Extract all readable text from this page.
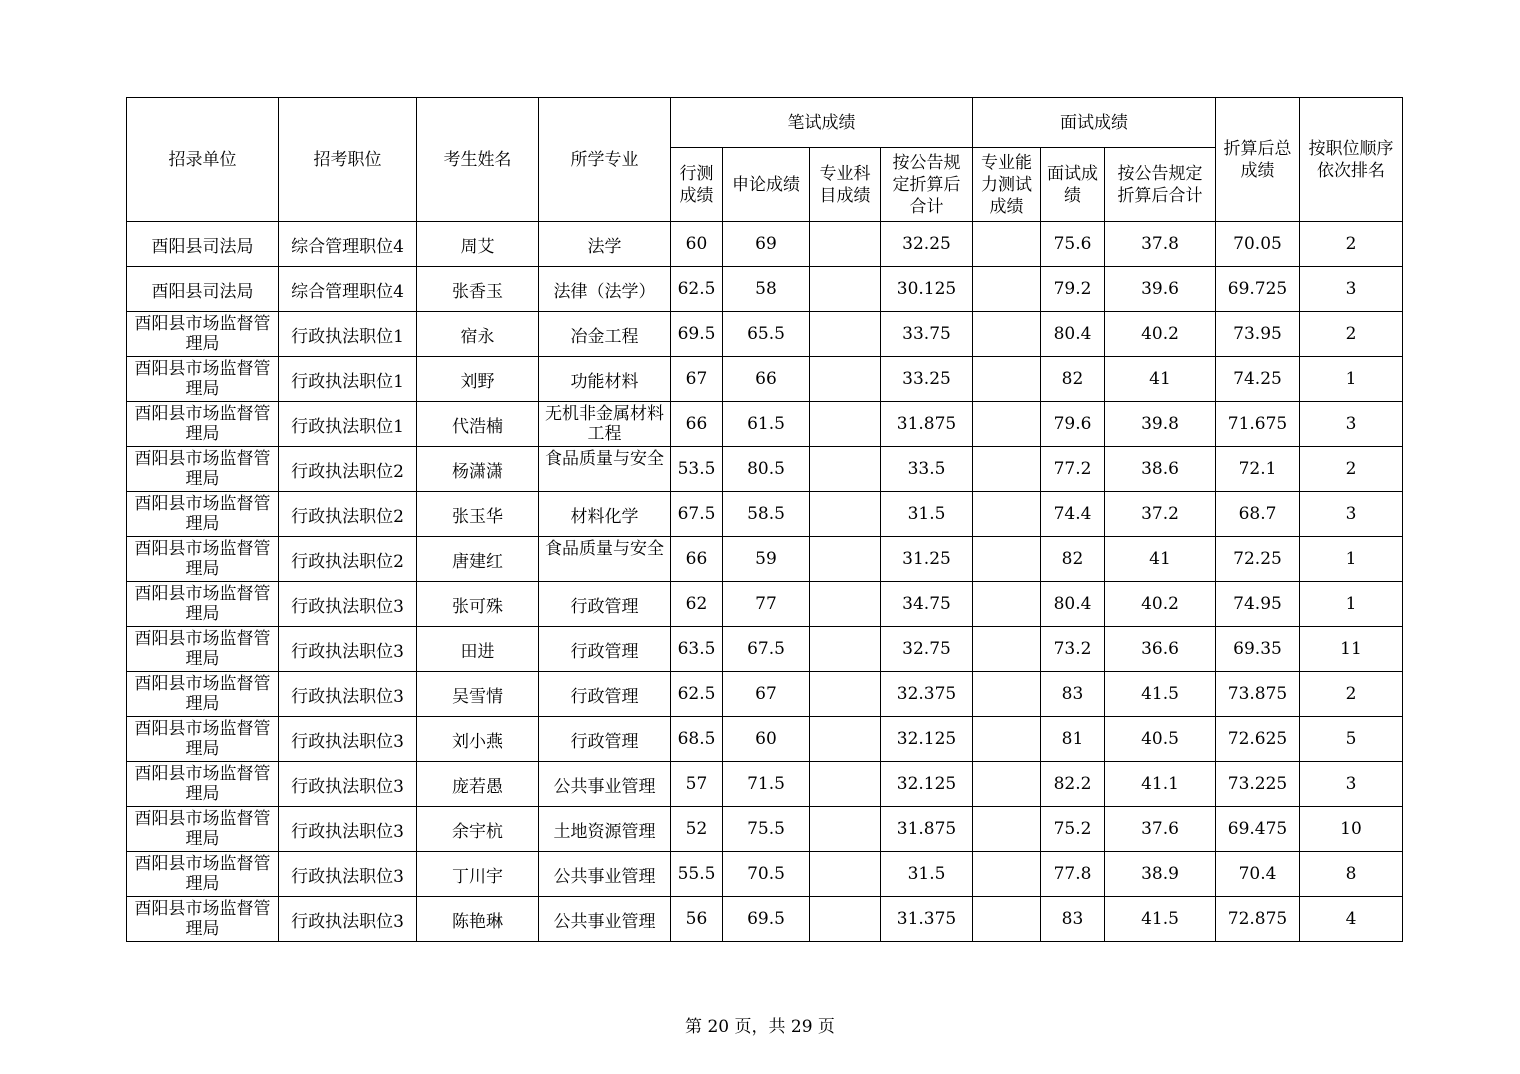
招录单位	招考职位	考生姓名	所学专业	笔试成绩				面试成绩			折算后总成绩	按职位顺序依次排名
				行测成绩	申论成绩	专业科目成绩	按公告规定折算后合计	专业能力测试成绩	面试成绩	按公告规定折算后合计		
酉阳县司法局	综合管理职位4	周艾	法学	60	69		32.25		75.6	37.8	70.05	2
酉阳县司法局	综合管理职位4	张香玉	法律（法学）	62.5	58		30.125		79.2	39.6	69.725	3

酉阳县市场监督管理局	行政执法职位1	宿永	冶金工程	69.5	65.5		33.75		80.4	40.2	73.95	2

酉阳县市场监督管理局	行政执法职位1	刘野	功能材料	67	66		33.25		82	41	74.25	1

酉阳县市场监督管理局	行政执法职位1	代浩楠	无机非金属材料工程	66	61.5		31.875		79.6	39.8	71.675	3

酉阳县市场监督管理局	行政执法职位2	杨潇潇	食品质量与安全	53.5	80.5		33.5		77.2	38.6	72.1	2

酉阳县市场监督管理局	行政执法职位2	张玉华	材料化学	67.5	58.5		31.5		74.4	37.2	68.7	3

酉阳县市场监督管理局	行政执法职位2	唐建红	食品质量与安全	66	59		31.25		82	41	72.25	1

酉阳县市场监督管理局	行政执法职位3	张可殊	行政管理	62	77		34.75		80.4	40.2	74.95	1

酉阳县市场监督管理局	行政执法职位3	田进	行政管理	63.5	67.5		32.75		73.2	36.6	69.35	11

酉阳县市场监督管理局	行政执法职位3	吴雪情	行政管理	62.5	67		32.375		83	41.5	73.875	2

酉阳县市场监督管理局	行政执法职位3	刘小燕	行政管理	68.5	60		32.125		81	40.5	72.625	5

酉阳县市场监督管理局	行政执法职位3	庞若愚	公共事业管理	57	71.5		32.125		82.2	41.1	73.225	3

酉阳县市场监督管理局	行政执法职位3	余宇杭	土地资源管理	52	75.5		31.875		75.2	37.6	69.475	10

酉阳县市场监督管理局	行政执法职位3	丁川宇	公共事业管理	55.5	70.5		31.5		77.8	38.9	70.4	8

酉阳县市场监督管理局	行政执法职位3	陈艳琳	公共事业管理	56	69.5		31.375		83	41.5	72.875	4
第 20 页，共 29 页
